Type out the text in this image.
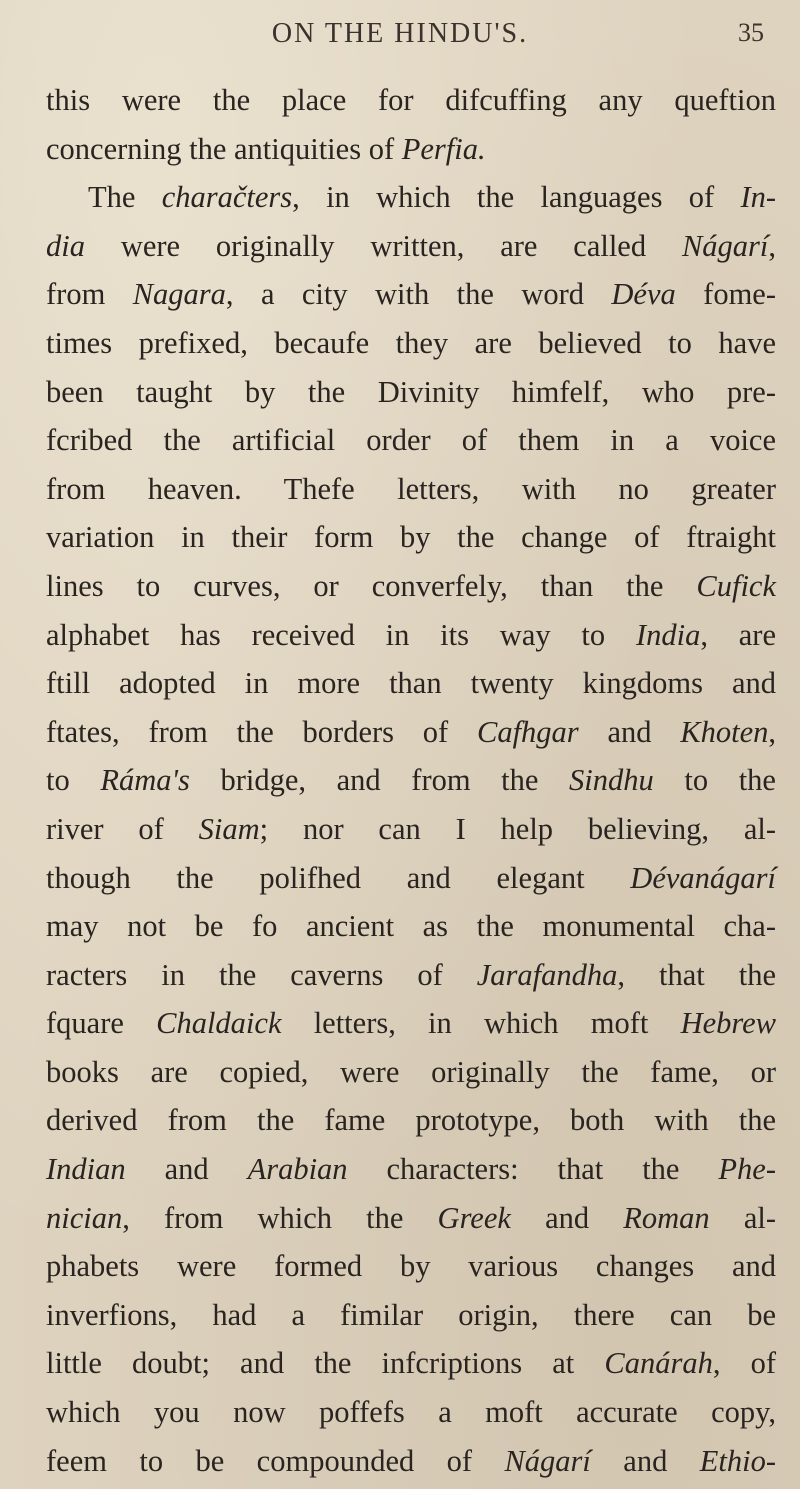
ON THE HINDU'S.	35
this were the place for difcuffing any queftion
concerning the antiquities of Perfia.
The charačters, in which the languages of In-
dia were originally written, are called Nágarí,
from Nagara, a city with the word Déva fome-
times prefixed, becaufe they are believed to have
been taught by the Divinity himfelf, who pre-
fcribed the artificial order of them in a voice
from heaven. Thefe letters, with no greater
variation in their form by the change of ftraight
lines to curves, or converfely, than the Cufick
alphabet has received in its way to India, are
ftill adopted in more than twenty kingdoms and
ftates, from the borders of Cafhgar and Khoten,
to Ráma's bridge, and from the Sindhu to the
river of Siam; nor can I help believing, al-
though the polifhed and elegant Dévanágarí
may not be fo ancient as the monumental cha-
racters in the caverns of Jarafandha, that the
fquare Chaldaick letters, in which moft Hebrew
books are copied, were originally the fame, or
derived from the fame prototype, both with the
Indian and Arabian characters: that the Phe-
nician, from which the Greek and Roman al-
phabets were formed by various changes and
inverfions, had a fimilar origin, there can be
little doubt; and the infcriptions at Canárah, of
which you now poffefs a moft accurate copy,
feem to be compounded of Nágarí and Ethio-
